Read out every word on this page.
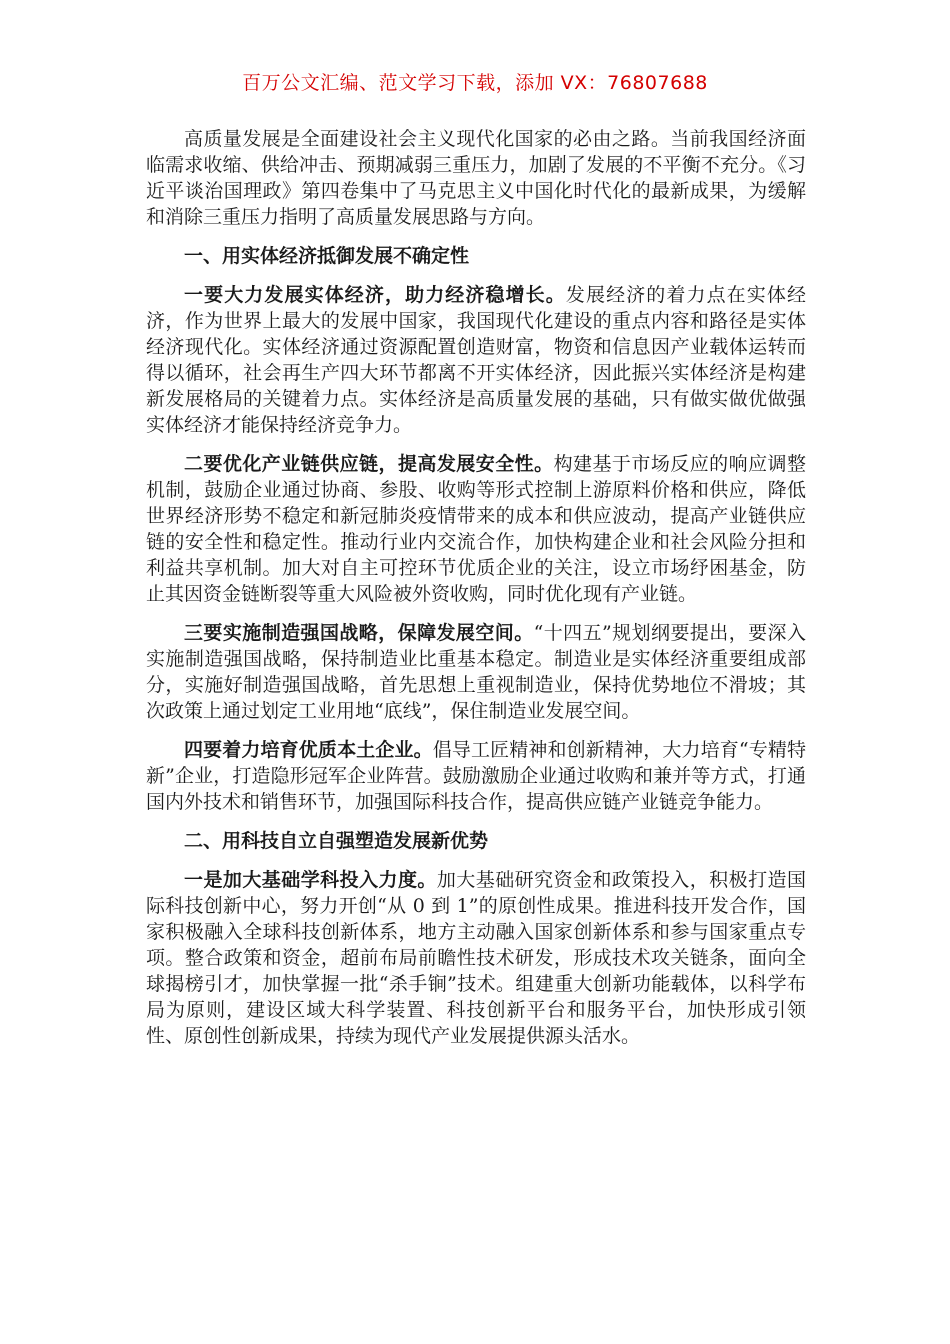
百万公文汇编、范文学习下载，添加 VX：76807688

高质量发展是全面建设社会主义现代化国家的必由之路。当前我国经济面临需求收缩、供给冲击、预期减弱三重压力，加剧了发展的不平衡不充分。《习近平谈治国理政》第四卷集中了马克思主义中国化时代化的最新成果，为缓解和消除三重压力指明了高质量发展思路与方向。

一、用实体经济抵御发展不确定性

一要大力发展实体经济，助力经济稳增长。发展经济的着力点在实体经济，作为世界上最大的发展中国家，我国现代化建设的重点内容和路径是实体经济现代化。实体经济通过资源配置创造财富，物资和信息因产业载体运转而得以循环，社会再生产四大环节都离不开实体经济，因此振兴实体经济是构建新发展格局的关键着力点。实体经济是高质量发展的基础，只有做实做优做强实体经济才能保持经济竞争力。

二要优化产业链供应链，提高发展安全性。构建基于市场反应的响应调整机制，鼓励企业通过协商、参股、收购等形式控制上游原料价格和供应，降低世界经济形势不稳定和新冠肺炎疫情带来的成本和供应波动，提高产业链供应链的安全性和稳定性。推动行业内交流合作，加快构建企业和社会风险分担和利益共享机制。加大对自主可控环节优质企业的关注，设立市场纾困基金，防止其因资金链断裂等重大风险被外资收购，同时优化现有产业链。

三要实施制造强国战略，保障发展空间。“十四五”规划纲要提出，要深入实施制造强国战略，保持制造业比重基本稳定。制造业是实体经济重要组成部分，实施好制造强国战略，首先思想上重视制造业，保持优势地位不滑坡；其次政策上通过划定工业用地“底线”，保住制造业发展空间。

四要着力培育优质本土企业。倡导工匠精神和创新精神，大力培育“专精特新”企业，打造隐形冠军企业阵营。鼓励激励企业通过收购和兼并等方式，打通国内外技术和销售环节，加强国际科技合作，提高供应链产业链竞争能力。

二、用科技自立自强塑造发展新优势

一是加大基础学科投入力度。加大基础研究资金和政策投入，积极打造国际科技创新中心，努力开创“从 0 到 1”的原创性成果。推进科技开发合作，国家积极融入全球科技创新体系，地方主动融入国家创新体系和参与国家重点专项。整合政策和资金，超前布局前瞻性技术研发，形成技术攻关链条，面向全球揭榜引才，加快掌握一批“杀手锏”技术。组建重大创新功能载体，以科学布局为原则，建设区域大科学装置、科技创新平台和服务平台，加快形成引领性、原创性创新成果，持续为现代产业发展提供源头活水。
